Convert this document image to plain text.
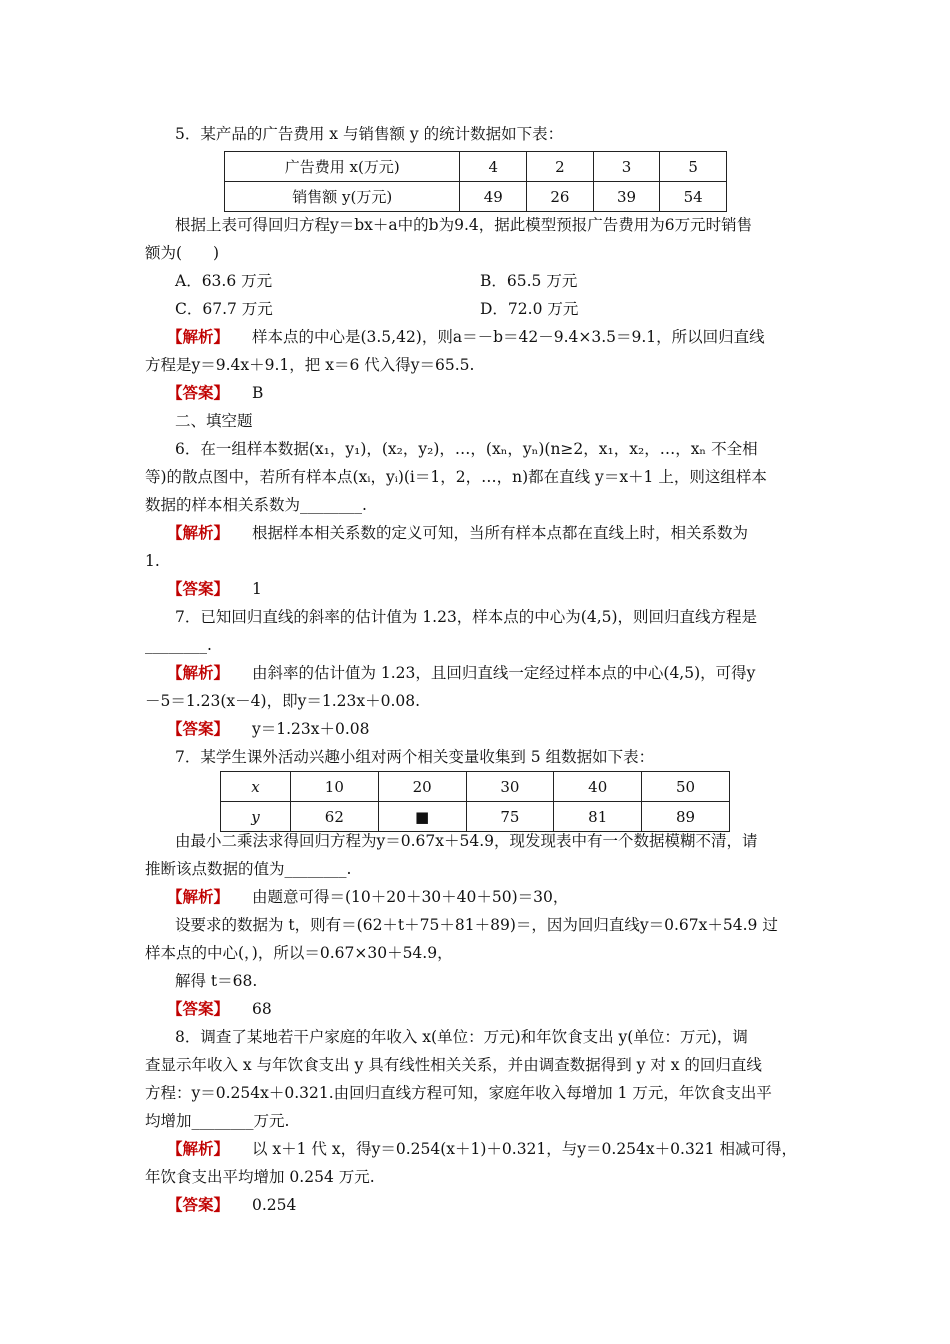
5．某产品的广告费用 x 与销售额 y 的统计数据如下表：
广告费用 x(万元)	4	2	3	5
销售额 y(万元)	49	26	39	54
根据上表可得回归方程y＝bx＋a中的b为9.4，据此模型预报广告费用为6万元时销售
额为(　　)
A．63.6 万元	B．65.5 万元
C．67.7 万元	D．72.0 万元
【解析】 样本点的中心是(3.5,42)，则a＝－b＝42－9.4×3.5＝9.1，所以回归直线
方程是y＝9.4x＋9.1，把 x＝6 代入得y＝65.5.
【答案】 B
二、填空题
6．在一组样本数据(x₁，y₁)，(x₂，y₂)，…，(xₙ，yₙ)(n≥2，x₁，x₂，…，xₙ 不全相
等)的散点图中，若所有样本点(xᵢ，yᵢ)(i＝1，2，…，n)都在直线 y＝x＋1 上，则这组样本
数据的样本相关系数为________.
【解析】 根据样本相关系数的定义可知，当所有样本点都在直线上时，相关系数为
1.
【答案】 1
7．已知回归直线的斜率的估计值为 1.23，样本点的中心为(4,5)，则回归直线方程是
________.
【解析】 由斜率的估计值为 1.23，且回归直线一定经过样本点的中心(4,5)，可得y
－5＝1.23(x－4)，即y＝1.23x＋0.08.
【答案】 y＝1.23x＋0.08
7．某学生课外活动兴趣小组对两个相关变量收集到 5 组数据如下表：
x	10	20	30	40	50
y	62	■	75	81	89
由最小二乘法求得回归方程为y＝0.67x＋54.9，现发现表中有一个数据模糊不清，请
推断该点数据的值为________.
【解析】 由题意可得＝(10＋20＋30＋40＋50)＝30，
设要求的数据为 t，则有＝(62＋t＋75＋81＋89)＝，因为回归直线y＝0.67x＋54.9 过
样本点的中心(，)，所以＝0.67×30＋54.9，
解得 t＝68.
【答案】 68
8．调查了某地若干户家庭的年收入 x(单位：万元)和年饮食支出 y(单位：万元)，调
查显示年收入 x 与年饮食支出 y 具有线性相关关系，并由调查数据得到 y 对 x 的回归直线
方程：y＝0.254x＋0.321.由回归直线方程可知，家庭年收入每增加 1 万元，年饮食支出平
均增加________万元.
【解析】 以 x＋1 代 x，得y＝0.254(x＋1)＋0.321，与y＝0.254x＋0.321 相减可得，
年饮食支出平均增加 0.254 万元.
【答案】 0.254
